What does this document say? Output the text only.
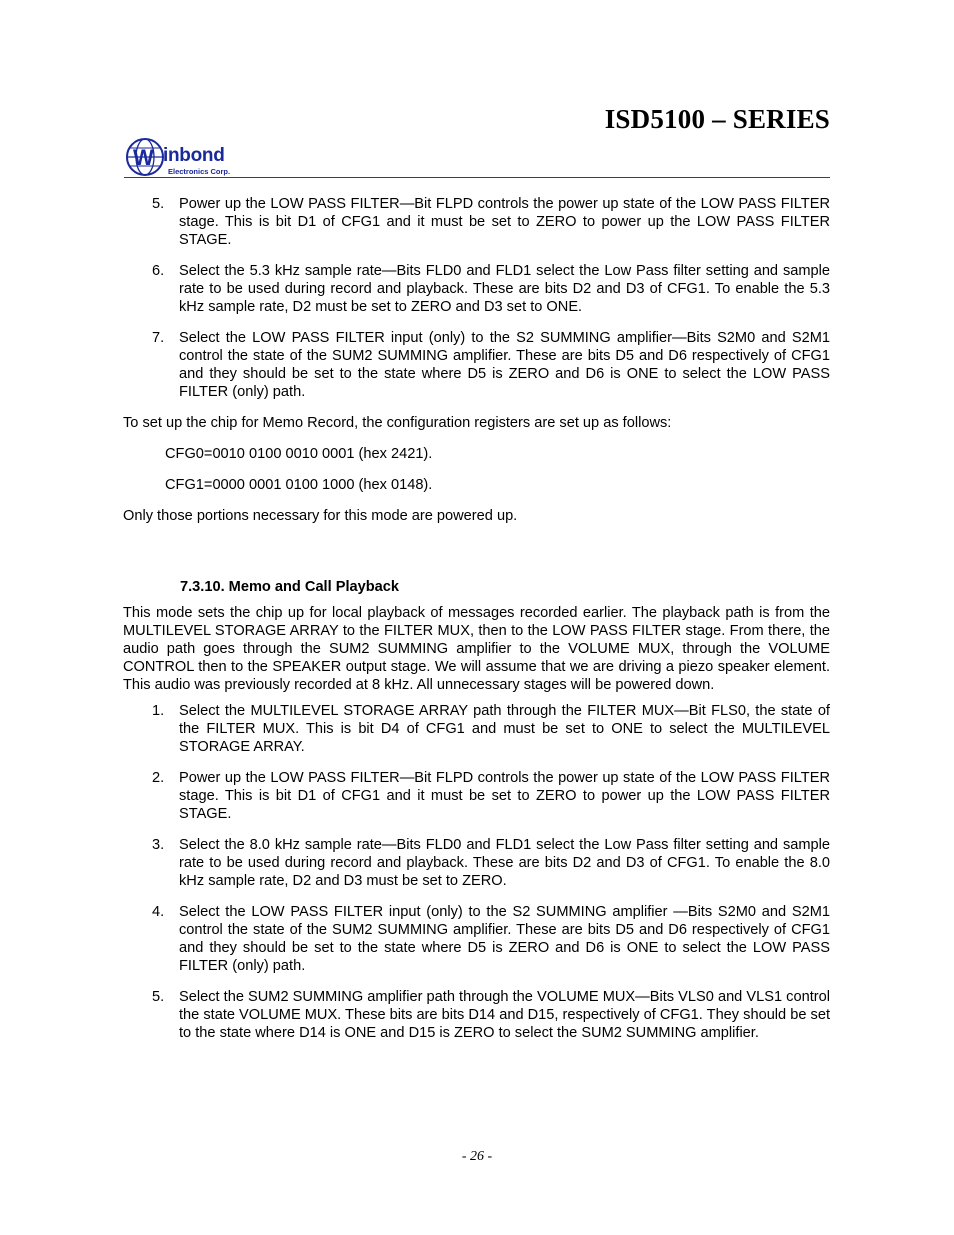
ISD5100 – SERIES
W inbond
Electronics Corp.
5.	Power up the LOW PASS FILTER—Bit FLPD controls the power up state of the LOW PASS FILTER stage. This is bit D1 of CFG1 and it must be set to ZERO to power up the LOW PASS FILTER STAGE.
6.	Select the 5.3 kHz sample rate—Bits FLD0 and FLD1 select the Low Pass filter setting and sample rate to be used during record and playback. These are bits D2 and D3 of CFG1. To enable the 5.3 kHz sample rate, D2 must be set to ZERO and D3 set to ONE.
7.	Select the LOW PASS FILTER input (only) to the S2 SUMMING amplifier—Bits S2M0 and S2M1 control the state of the SUM2 SUMMING amplifier. These are bits D5 and D6 respectively of CFG1 and they should be set to the state where D5 is ZERO and D6 is ONE to select the LOW PASS FILTER (only) path.

To set up the chip for Memo Record, the configuration registers are set up as follows:

CFG0=0010 0100 0010 0001 (hex 2421).

CFG1=0000 0001 0100 1000 (hex 0148).

Only those portions necessary for this mode are powered up.

7.3.10. Memo and Call Playback

This mode sets the chip up for local playback of messages recorded earlier. The playback path is from the MULTILEVEL STORAGE ARRAY to the FILTER MUX, then to the LOW PASS FILTER stage. From there, the audio path goes through the SUM2 SUMMING amplifier to the VOLUME MUX, through the VOLUME CONTROL then to the SPEAKER output stage. We will assume that we are driving a piezo speaker element. This audio was previously recorded at 8 kHz. All unnecessary stages will be powered down.

1.	Select the MULTILEVEL STORAGE ARRAY path through the FILTER MUX—Bit FLS0, the state of the FILTER MUX. This is bit D4 of CFG1 and must be set to ONE to select the MULTILEVEL STORAGE ARRAY.
2.	Power up the LOW PASS FILTER—Bit FLPD controls the power up state of the LOW PASS FILTER stage. This is bit D1 of CFG1 and it must be set to ZERO to power up the LOW PASS FILTER STAGE.
3.	Select the 8.0 kHz sample rate—Bits FLD0 and FLD1 select the Low Pass filter setting and sample rate to be used during record and playback. These are bits D2 and D3 of CFG1. To enable the 8.0 kHz sample rate, D2 and D3 must be set to ZERO.
4.	Select the LOW PASS FILTER input (only) to the S2 SUMMING amplifier —Bits S2M0 and S2M1 control the state of the SUM2 SUMMING amplifier. These are bits D5 and D6 respectively of CFG1 and they should be set to the state where D5 is ZERO and D6 is ONE to select the LOW PASS FILTER (only) path.
5.	Select the SUM2 SUMMING amplifier path through the VOLUME MUX—Bits VLS0 and VLS1 control the state VOLUME MUX. These bits are bits D14 and D15, respectively of CFG1. They should be set to the state where D14 is ONE and D15 is ZERO to select the SUM2 SUMMING amplifier.
- 26 -
